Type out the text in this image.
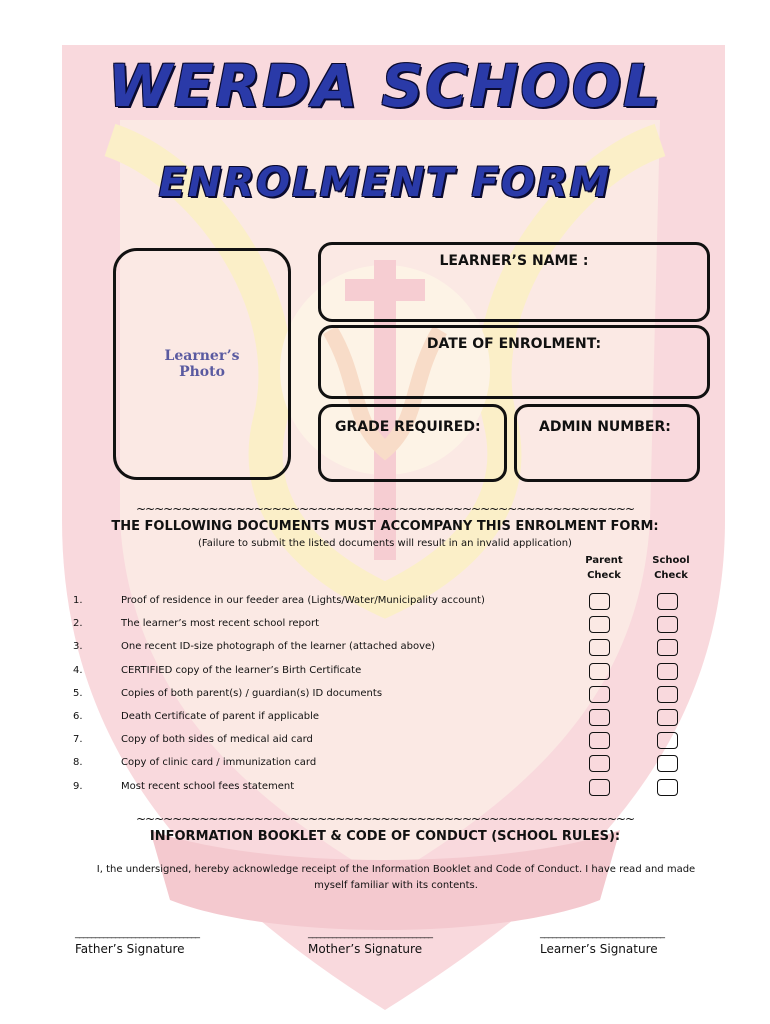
WERDA SCHOOL
ENROLMENT FORM
Learner’s
Photo
LEARNER’S NAME :
DATE OF ENROLMENT:
GRADE REQUIRED:	ADMIN NUMBER:
~~~~~~~~~~~~~~~~~~~~~~~~~~~~~~~~~~~~~~~~~~~~~~~~~~~~~~~
THE FOLLOWING DOCUMENTS MUST ACCOMPANY THIS ENROLMENT FORM:
(Failure to submit the listed documents will result in an invalid application)
Parent
Check
School
Check
1.	Proof of residence in our feeder area (Lights/Water/Municipality account)
2.	The learner’s most recent school report
3.	One recent ID-size photograph of the learner (attached above)
4.	CERTIFIED copy of the learner’s Birth Certificate
5.	Copies of both parent(s) / guardian(s) ID documents
6.	Death Certificate of parent if applicable
7.	Copy of both sides of medical aid card
8.	Copy of clinic card / immunization card
9.	Most recent school fees statement
~~~~~~~~~~~~~~~~~~~~~~~~~~~~~~~~~~~~~~~~~~~~~~~~~~~~~~~
INFORMATION BOOKLET & CODE OF CONDUCT (SCHOOL RULES):
I, the undersigned, hereby acknowledge receipt of the Information Booklet and Code of Conduct. I have read and made myself familiar with its contents.
_______________________________
Father’s Signature
_______________________________
Mother’s Signature
_______________________________
Learner’s Signature
